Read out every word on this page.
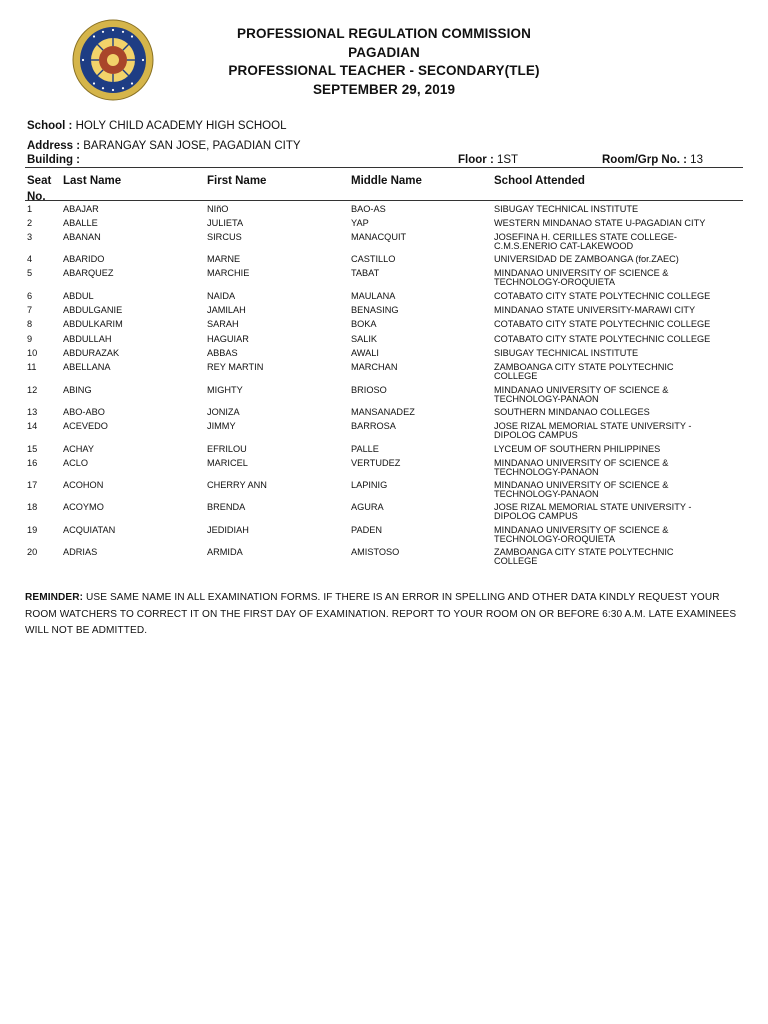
PROFESSIONAL REGULATION COMMISSION
PAGADIAN
PROFESSIONAL TEACHER - SECONDARY(TLE)
SEPTEMBER 29, 2019
School : HOLY CHILD ACADEMY HIGH SCHOOL
Address : BARANGAY SAN JOSE, PAGADIAN CITY
Building :	Floor : 1ST	Room/Grp No. : 13
Seat
No.
Last Name	First Name	Middle Name	School Attended
1	ABAJAR	NIñO	BAO-AS	SIBUGAY TECHNICAL INSTITUTE

2	ABALLE	JULIETA	YAP	WESTERN MINDANAO STATE U-PAGADIAN CITY

3	ABANAN	SIRCUS	MANACQUIT	JOSEFINA H. CERILLES STATE COLLEGE-
C.M.S.ENERIO CAT-LAKEWOOD
4	ABARIDO	MARNE	CASTILLO	UNIVERSIDAD DE ZAMBOANGA (for.ZAEC)

5	ABARQUEZ	MARCHIE	TABAT	MINDANAO UNIVERSITY OF SCIENCE &
TECHNOLOGY-OROQUIETA
6	ABDUL	NAIDA	MAULANA	COTABATO CITY STATE POLYTECHNIC COLLEGE

7	ABDULGANIE	JAMILAH	BENASING	MINDANAO STATE UNIVERSITY-MARAWI CITY

8	ABDULKARIM	SARAH	BOKA	COTABATO CITY STATE POLYTECHNIC COLLEGE

9	ABDULLAH	HAGUIAR	SALIK	COTABATO CITY STATE POLYTECHNIC COLLEGE

10	ABDURAZAK	ABBAS	AWALI	SIBUGAY TECHNICAL INSTITUTE

11	ABELLANA	REY MARTIN	MARCHAN	ZAMBOANGA CITY STATE POLYTECHNIC
COLLEGE
12	ABING	MIGHTY	BRIOSO	MINDANAO UNIVERSITY OF SCIENCE &
TECHNOLOGY-PANAON
13	ABO-ABO	JONIZA	MANSANADEZ	SOUTHERN MINDANAO COLLEGES

14	ACEVEDO	JIMMY	BARROSA	JOSE RIZAL MEMORIAL STATE UNIVERSITY -
DIPOLOG CAMPUS
15	ACHAY	EFRILOU	PALLE	LYCEUM OF SOUTHERN PHILIPPINES

16	ACLO	MARICEL	VERTUDEZ	MINDANAO UNIVERSITY OF SCIENCE &
TECHNOLOGY-PANAON
17	ACOHON	CHERRY ANN	LAPINIG	MINDANAO UNIVERSITY OF SCIENCE &
TECHNOLOGY-PANAON
18	ACOYMO	BRENDA	AGURA	JOSE RIZAL MEMORIAL STATE UNIVERSITY -
DIPOLOG CAMPUS
19	ACQUIATAN	JEDIDIAH	PADEN	MINDANAO UNIVERSITY OF SCIENCE &
TECHNOLOGY-OROQUIETA
20	ADRIAS	ARMIDA	AMISTOSO	ZAMBOANGA CITY STATE POLYTECHNIC
COLLEGE
REMINDER: USE SAME NAME IN ALL EXAMINATION FORMS. IF THERE IS AN ERROR IN SPELLING AND OTHER DATA KINDLY REQUEST YOUR ROOM WATCHERS TO CORRECT IT ON THE FIRST DAY OF EXAMINATION. REPORT TO YOUR ROOM ON OR BEFORE 6:30 A.M. LATE EXAMINEES WILL NOT BE ADMITTED.
